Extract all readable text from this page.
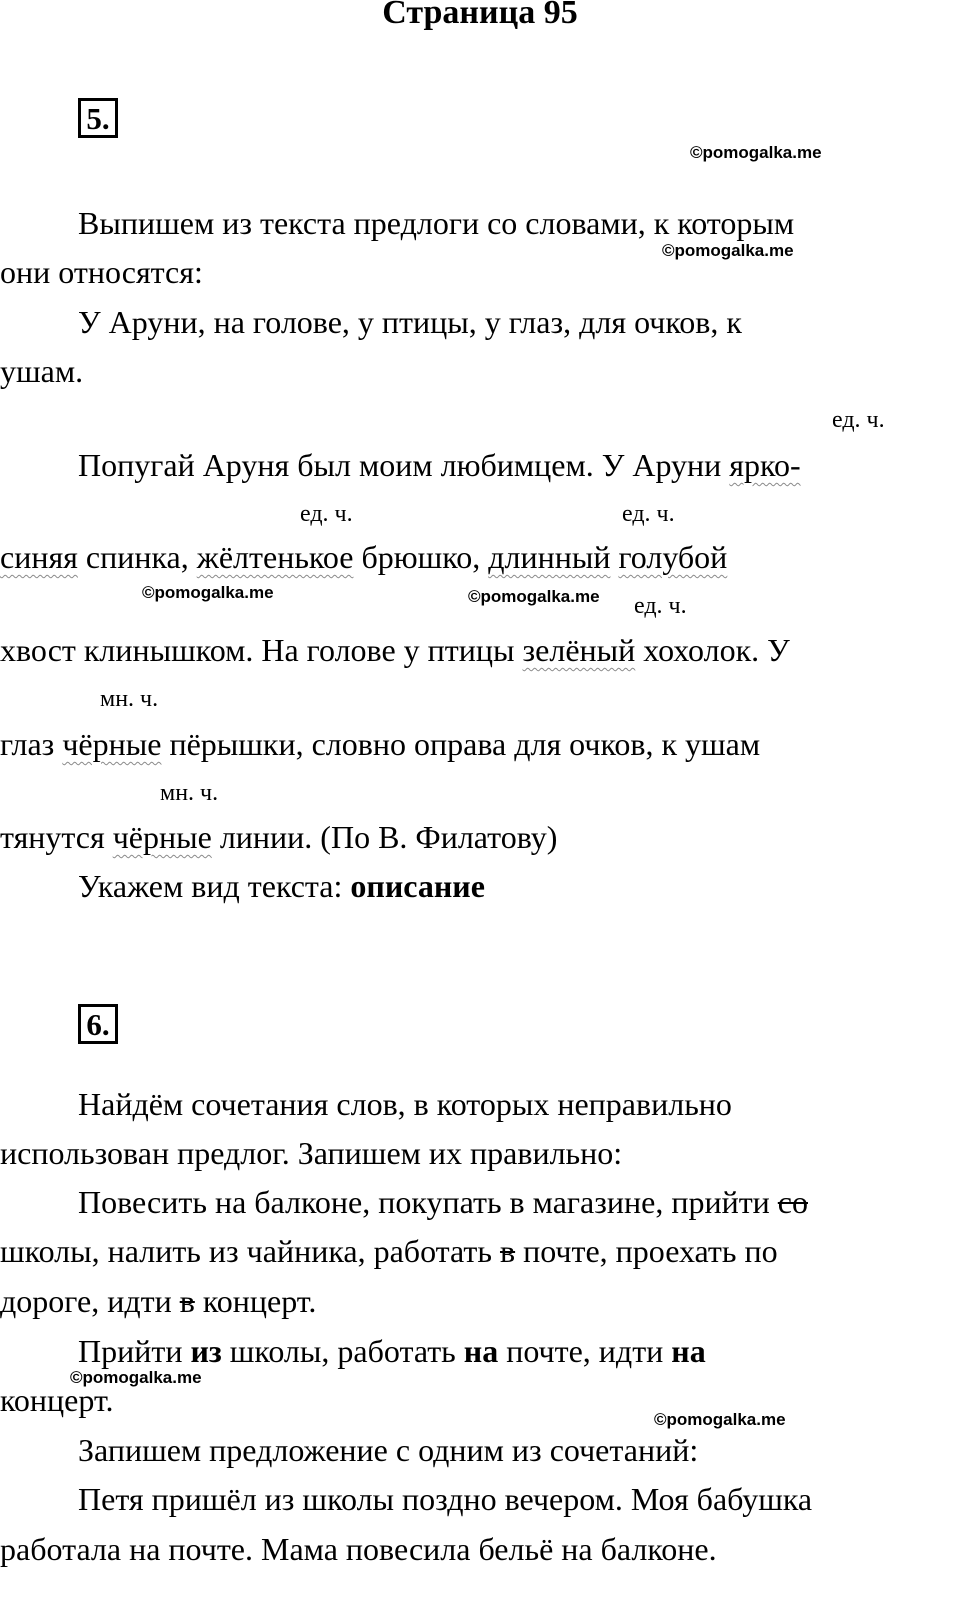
Страница 95
5.
©pomogalka.me
Выпишем из текста предлоги со словами, к которым
©pomogalka.me
они относятся:
У Аруни, на голове, у птицы, у глаз, для очков, к
ушам.
ед. ч.
Попугай Аруня был моим любимцем. У Аруни ярко-
ед. ч.	ед. ч.
синяя спинка, жёлтенькое брюшко, длинный голубой
©pomogalka.me	©pomogalka.me ед. ч.
хвост клинышком. На голове у птицы зелёный хохолок. У
мн. ч.
глаз чёрные пёрышки, словно оправа для очков, к ушам
мн. ч.
тянутся чёрные линии. (По В. Филатову)
Укажем вид текста: описание
6.
Найдём сочетания слов, в которых неправильно
использован предлог. Запишем их правильно:
Повесить на балконе, покупать в магазине, прийти со
школы, налить из чайника, работать в почте, проехать по
дороге, идти в концерт.
Прийти из школы, работать на почте, идти на
©pomogalka.me
концерт.
©pomogalka.me
Запишем предложение с одним из сочетаний:
Петя пришёл из школы поздно вечером. Моя бабушка
работала на почте. Мама повесила бельё на балконе.
